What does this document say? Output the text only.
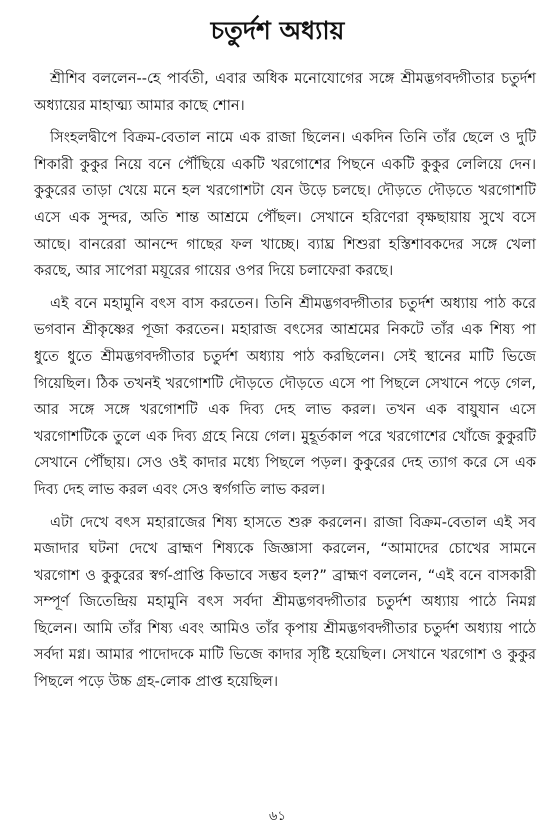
চতুর্দশ অধ্যায়

শ্রীশিব বললেন--হে পার্বতী, এবার অধিক মনোযোগের সঙ্গে শ্রীমদ্ভগবদ্গীতার চতুর্দশ অধ্যায়ের মাহাত্ম্য আমার কাছে শোন।

সিংহলদ্বীপে বিক্রম-বেতাল নামে এক রাজা ছিলেন। একদিন তিনি তাঁর ছেলে ও দুটি শিকারী কুকুর নিয়ে বনে পৌঁছিয়ে একটি খরগোশের পিছনে একটি কুকুর লেলিয়ে দেন। কুকুরের তাড়া খেয়ে মনে হল খরগোশটা যেন উড়ে চলছে। দৌড়তে দৌড়তে খরগোশটি এসে এক সুন্দর, অতি শান্ত আশ্রমে পৌঁছল। সেখানে হরিণেরা বৃক্ষছায়ায় সুখে বসে আছে। বানরেরা আনন্দে গাছের ফল খাচ্ছে। ব্যাঘ্র শিশুরা হস্তিশাবকদের সঙ্গে খেলা করছে, আর সাপেরা ময়ূরের গায়ের ওপর দিয়ে চলাফেরা করছে।

এই বনে মহামুনি বৎস বাস করতেন। তিনি শ্রীমদ্ভগবদ্গীতার চতুর্দশ অধ্যায় পাঠ করে ভগবান শ্রীকৃষ্ণের পূজা করতেন। মহারাজ বৎসের আশ্রমের নিকটে তাঁর এক শিষ্য পা ধুতে ধুতে শ্রীমদ্ভগবদ্গীতার চতুর্দশ অধ্যায় পাঠ করছিলেন। সেই স্থানের মাটি ভিজে গিয়েছিল। ঠিক তখনই খরগোশটি দৌড়তে দৌড়তে এসে পা পিছলে সেখানে পড়ে গেল, আর সঙ্গে সঙ্গে খরগোশটি এক দিব্য দেহ লাভ করল। তখন এক বায়ুযান এসে খরগোশটিকে তুলে এক দিব্য গ্রহে নিয়ে গেল। মুহূর্তকাল পরে খরগোশের খোঁজে কুকুরটি সেখানে পৌঁছায়। সেও ওই কাদার মধ্যে পিছলে পড়ল। কুকুরের দেহ ত্যাগ করে সে এক দিব্য দেহ লাভ করল এবং সেও স্বর্গগতি লাভ করল।

এটা দেখে বৎস মহারাজের শিষ্য হাসতে শুরু করলেন। রাজা বিক্রম-বেতাল এই সব মজাদার ঘটনা দেখে ব্রাহ্মণ শিষ্যকে জিজ্ঞাসা করলেন, “আমাদের চোখের সামনে খরগোশ ও কুকুরের স্বর্গ-প্রাপ্তি কিভাবে সম্ভব হল?” ব্রাহ্মণ বললেন, “এই বনে বাসকারী সম্পূর্ণ জিতেন্দ্রিয় মহামুনি বৎস সর্বদা শ্রীমদ্ভগবদ্গীতার চতুর্দশ অধ্যায় পাঠে নিমগ্ন ছিলেন। আমি তাঁর শিষ্য এবং আমিও তাঁর কৃপায় শ্রীমদ্ভগবদ্গীতার চতুর্দশ অধ্যায় পাঠে সর্বদা মগ্ন। আমার পাদোদকে মাটি ভিজে কাদার সৃষ্টি হয়েছিল। সেখানে খরগোশ ও কুকুর পিছলে পড়ে উচ্চ গ্রহ-লোক প্রাপ্ত হয়েছিল।

৬১
